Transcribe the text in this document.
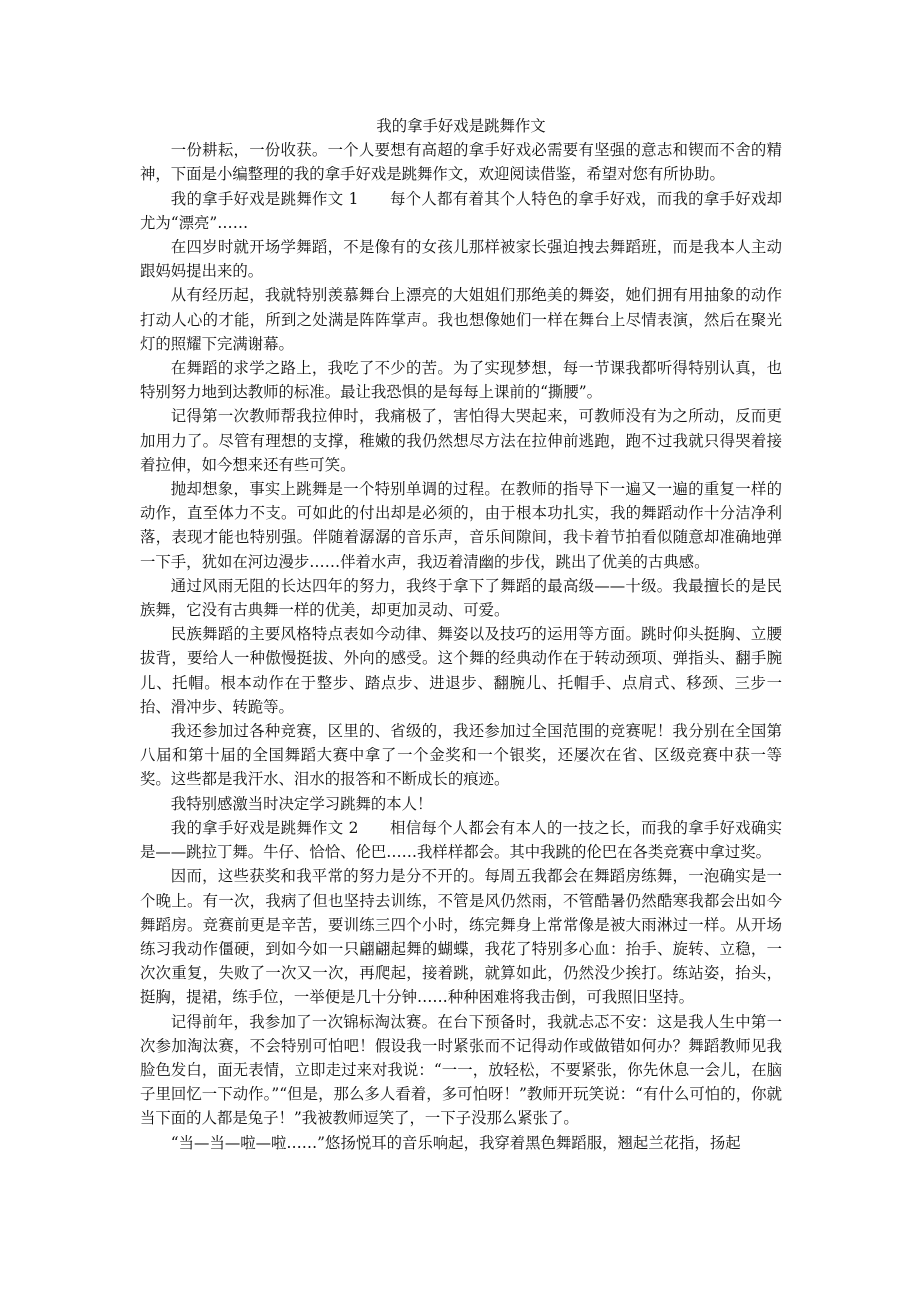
我的拿手好戏是跳舞作文

一份耕耘，一份收获。一个人要想有高超的拿手好戏必需要有坚强的意志和锲而不舍的精神，下面是小编整理的我的拿手好戏是跳舞作文，欢迎阅读借鉴，希望对您有所协助。

我的拿手好戏是跳舞作文 1　　每个人都有着其个人特色的拿手好戏，而我的拿手好戏却尤为“漂亮”……

在四岁时就开场学舞蹈，不是像有的女孩儿那样被家长强迫拽去舞蹈班，而是我本人主动跟妈妈提出来的。

从有经历起，我就特别羡慕舞台上漂亮的大姐姐们那绝美的舞姿，她们拥有用抽象的动作打动人心的才能，所到之处满是阵阵掌声。我也想像她们一样在舞台上尽情表演，然后在聚光灯的照耀下完满谢幕。

在舞蹈的求学之路上，我吃了不少的苦。为了实现梦想，每一节课我都听得特别认真，也特别努力地到达教师的标准。最让我恐惧的是每每上课前的“撕腰”。

记得第一次教师帮我拉伸时，我痛极了，害怕得大哭起来，可教师没有为之所动，反而更加用力了。尽管有理想的支撑，稚嫩的我仍然想尽方法在拉伸前逃跑，跑不过我就只得哭着接着拉伸，如今想来还有些可笑。

抛却想象，事实上跳舞是一个特别单调的过程。在教师的指导下一遍又一遍的重复一样的动作，直至体力不支。可如此的付出却是必须的，由于根本功扎实，我的舞蹈动作十分洁净利落，表现才能也特别强。伴随着潺潺的音乐声，音乐间隙间，我卡着节拍看似随意却准确地弹一下手，犹如在河边漫步……伴着水声，我迈着清幽的步伐，跳出了优美的古典感。

通过风雨无阻的长达四年的努力，我终于拿下了舞蹈的最高级——十级。我最擅长的是民族舞，它没有古典舞一样的优美，却更加灵动、可爱。

民族舞蹈的主要风格特点表如今动律、舞姿以及技巧的运用等方面。跳时仰头挺胸、立腰拔背，要给人一种傲慢挺拔、外向的感受。这个舞的经典动作在于转动颈项、弹指头、翻手腕儿、托帽。根本动作在于整步、踏点步、进退步、翻腕儿、托帽手、点肩式、移颈、三步一抬、滑冲步、转跪等。

我还参加过各种竞赛，区里的、省级的，我还参加过全国范围的竞赛呢！我分别在全国第八届和第十届的全国舞蹈大赛中拿了一个金奖和一个银奖，还屡次在省、区级竞赛中获一等奖。这些都是我汗水、泪水的报答和不断成长的痕迹。

我特别感激当时决定学习跳舞的本人！

我的拿手好戏是跳舞作文 2　　相信每个人都会有本人的一技之长，而我的拿手好戏确实是——跳拉丁舞。牛仔、恰恰、伦巴……我样样都会。其中我跳的伦巴在各类竞赛中拿过奖。

因而，这些获奖和我平常的努力是分不开的。每周五我都会在舞蹈房练舞，一泡确实是一个晚上。有一次，我病了但也坚持去训练，不管是风仍然雨，不管酷暑仍然酷寒我都会出如今舞蹈房。竞赛前更是辛苦，要训练三四个小时，练完舞身上常常像是被大雨淋过一样。从开场练习我动作僵硬，到如今如一只翩翩起舞的蝴蝶，我花了特别多心血：抬手、旋转、立稳，一次次重复，失败了一次又一次，再爬起，接着跳，就算如此，仍然没少挨打。练站姿，抬头，挺胸，提裙，练手位，一举便是几十分钟……种种困难将我击倒，可我照旧坚持。

记得前年，我参加了一次锦标淘汰赛。在台下预备时，我就忐忑不安：这是我人生中第一次参加淘汰赛，不会特别可怕吧！假设我一时紧张而不记得动作或做错如何办？舞蹈教师见我脸色发白，面无表情，立即走过来对我说：“一一，放轻松，不要紧张，你先休息一会儿，在脑子里回忆一下动作。”“但是，那么多人看着，多可怕呀！”教师开玩笑说：“有什么可怕的，你就当下面的人都是兔子！”我被教师逗笑了，一下子没那么紧张了。

“当—当—啦—啦……”悠扬悦耳的音乐响起，我穿着黑色舞蹈服，翘起兰花指，扬起
